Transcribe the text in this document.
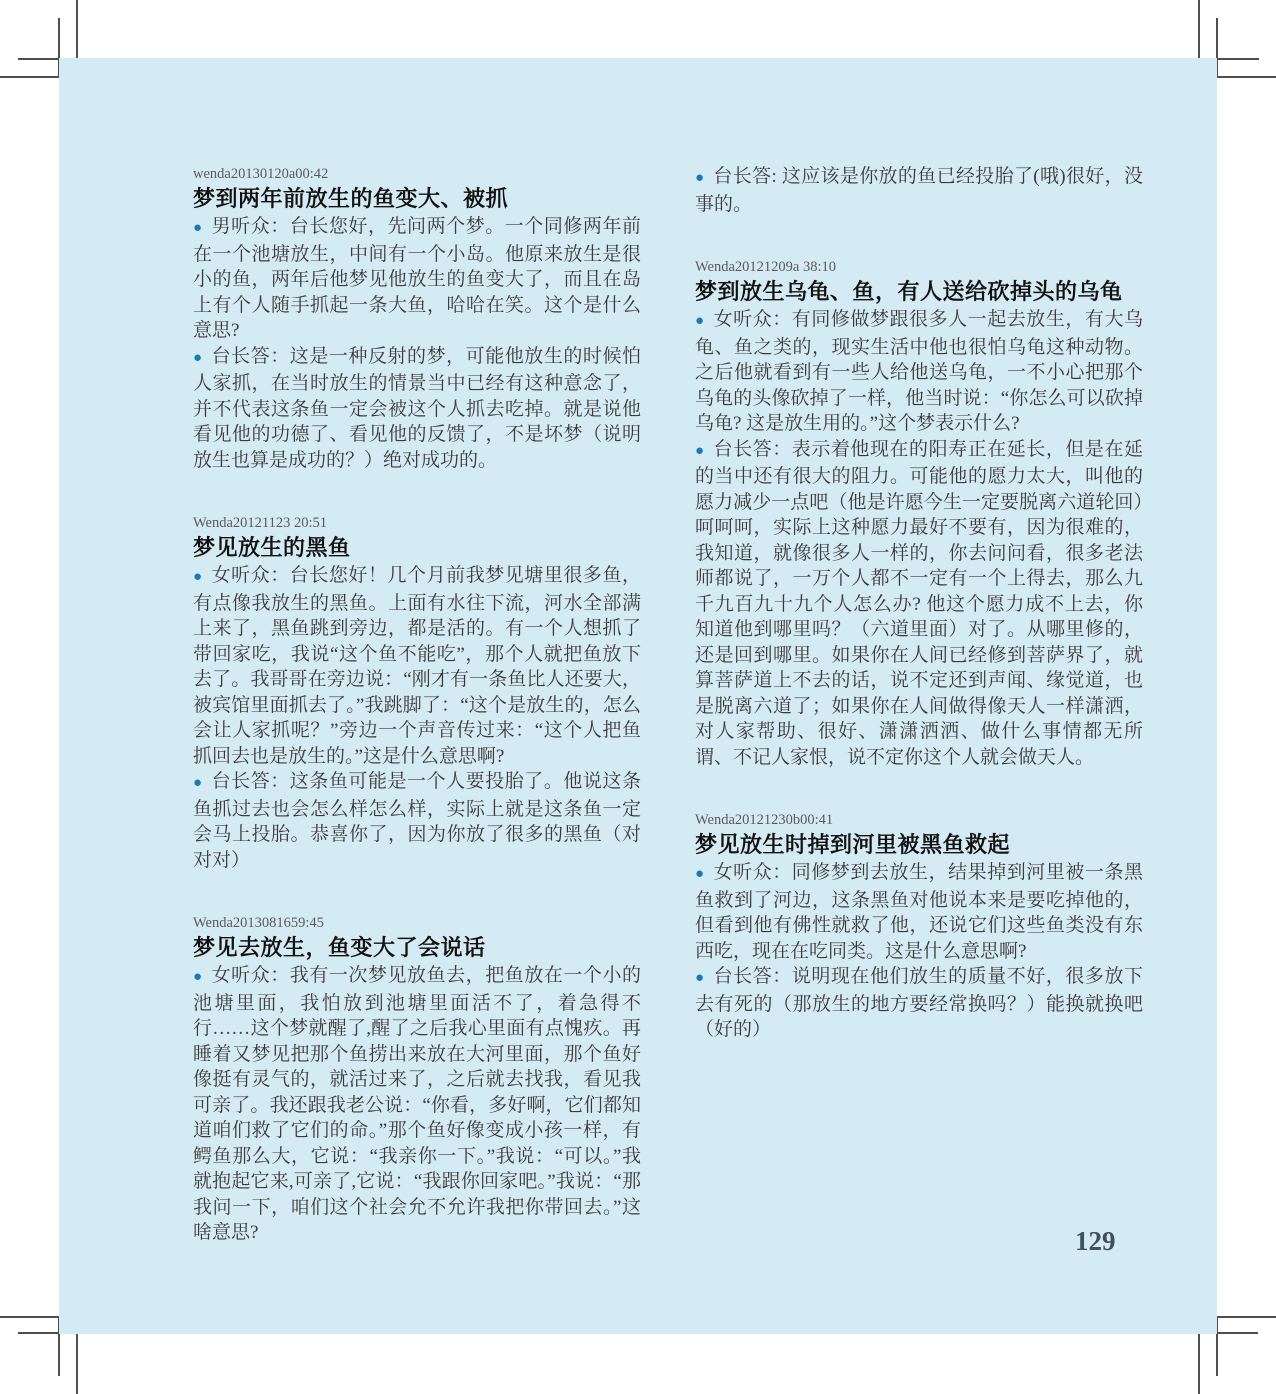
wenda20130120a00:42
梦到两年前放生的鱼变大、被抓

● 男听众：台长您好，先问两个梦。一个同修两年前在一个池塘放生，中间有一个小岛。他原来放生是很小的鱼，两年后他梦见他放生的鱼变大了，而且在岛上有个人随手抓起一条大鱼，哈哈在笑。这个是什么意思?

● 台长答：这是一种反射的梦，可能他放生的时候怕人家抓，在当时放生的情景当中已经有这种意念了，并不代表这条鱼一定会被这个人抓去吃掉。就是说他看见他的功德了、看见他的反馈了，不是坏梦（说明放生也算是成功的？）绝对成功的。

Wenda20121123 20:51
梦见放生的黑鱼

● 女听众：台长您好！几个月前我梦见塘里很多鱼，有点像我放生的黑鱼。上面有水往下流，河水全部满上来了，黑鱼跳到旁边，都是活的。有一个人想抓了带回家吃，我说“这个鱼不能吃”，那个人就把鱼放下去了。我哥哥在旁边说：“刚才有一条鱼比人还要大，被宾馆里面抓去了。”我跳脚了：“这个是放生的，怎么会让人家抓呢？”旁边一个声音传过来：“这个人把鱼抓回去也是放生的。”这是什么意思啊?

● 台长答：这条鱼可能是一个人要投胎了。他说这条鱼抓过去也会怎么样怎么样，实际上就是这条鱼一定会马上投胎。恭喜你了，因为你放了很多的黑鱼（对对对）

Wenda2013081659:45
梦见去放生，鱼变大了会说话

● 女听众：我有一次梦见放鱼去，把鱼放在一个小的池塘里面，我怕放到池塘里面活不了，着急得不行……这个梦就醒了,醒了之后我心里面有点愧疚。再睡着又梦见把那个鱼捞出来放在大河里面，那个鱼好像挺有灵气的，就活过来了，之后就去找我，看见我可亲了。我还跟我老公说：“你看，多好啊，它们都知道咱们救了它们的命。”那个鱼好像变成小孩一样，有鳄鱼那么大，它说：“我亲你一下。”我说：“可以。”我就抱起它来,可亲了,它说：“我跟你回家吧。”我说：“那我问一下，咱们这个社会允不允许我把你带回去。”这啥意思?

● 台长答: 这应该是你放的鱼已经投胎了(哦)很好，没事的。

Wenda20121209a 38:10
梦到放生乌龟、鱼，有人送给砍掉头的乌龟

● 女听众：有同修做梦跟很多人一起去放生，有大乌龟、鱼之类的，现实生活中他也很怕乌龟这种动物。之后他就看到有一些人给他送乌龟，一不小心把那个乌龟的头像砍掉了一样，他当时说：“你怎么可以砍掉乌龟? 这是放生用的。”这个梦表示什么?

● 台长答：表示着他现在的阳寿正在延长，但是在延的当中还有很大的阻力。可能他的愿力太大，叫他的愿力减少一点吧（他是许愿今生一定要脱离六道轮回）呵呵呵，实际上这种愿力最好不要有，因为很难的，我知道，就像很多人一样的，你去问问看，很多老法师都说了，一万个人都不一定有一个上得去，那么九千九百九十九个人怎么办? 他这个愿力成不上去，你知道他到哪里吗？（六道里面）对了。从哪里修的，还是回到哪里。如果你在人间已经修到菩萨界了，就算菩萨道上不去的话，说不定还到声闻、缘觉道，也是脱离六道了；如果你在人间做得像天人一样潇洒，对人家帮助、很好、潇潇洒洒、做什么事情都无所谓、不记人家恨，说不定你这个人就会做天人。

Wenda20121230b00:41
梦见放生时掉到河里被黑鱼救起

● 女听众：同修梦到去放生，结果掉到河里被一条黑鱼救到了河边，这条黑鱼对他说本来是要吃掉他的，但看到他有佛性就救了他，还说它们这些鱼类没有东西吃，现在在吃同类。这是什么意思啊?

● 台长答：说明现在他们放生的质量不好，很多放下去有死的（那放生的地方要经常换吗？）能换就换吧（好的）

129
